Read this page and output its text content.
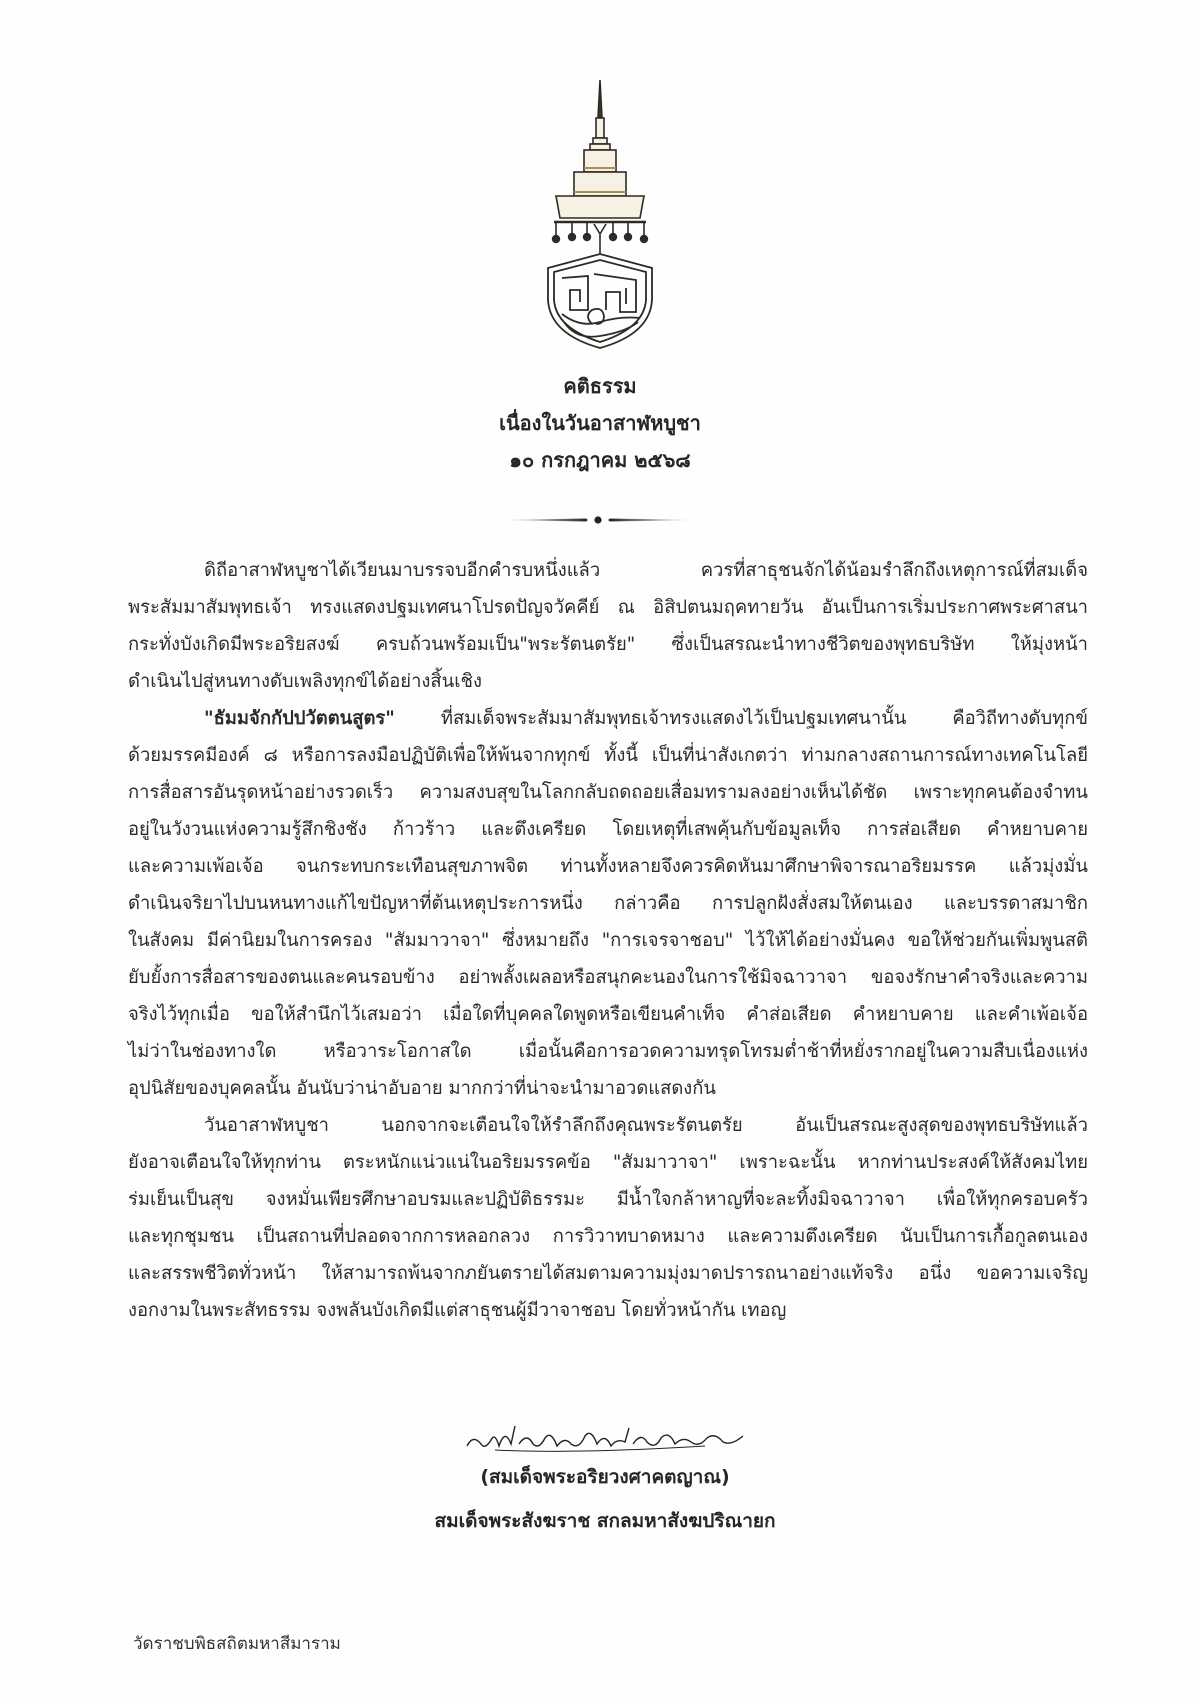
คติธรรม
เนื่องในวันอาสาฬหบูชา
๑๐ กรกฎาคม ๒๕๖๘

ดิถีอาสาฬหบูชาได้เวียนมาบรรจบอีกคำรบหนึ่งแล้ว ควรที่สาธุชนจักได้น้อมรำลึกถึงเหตุการณ์ที่สมเด็จ
พระสัมมาสัมพุทธเจ้า ทรงแสดงปฐมเทศนาโปรดปัญจวัคคีย์ ณ อิสิปตนมฤคทายวัน อันเป็นการเริ่มประกาศพระศาสนา
กระทั่งบังเกิดมีพระอริยสงฆ์ ครบถ้วนพร้อมเป็น"พระรัตนตรัย" ซึ่งเป็นสรณะนำทางชีวิตของพุทธบริษัท ให้มุ่งหน้า
ดำเนินไปสู่หนทางดับเพลิงทุกข์ได้อย่างสิ้นเชิง

"ธัมมจักกัปปวัตตนสูตร" ที่สมเด็จพระสัมมาสัมพุทธเจ้าทรงแสดงไว้เป็นปฐมเทศนานั้น คือวิถีทางดับทุกข์
ด้วยมรรคมีองค์ ๘ หรือการลงมือปฏิบัติเพื่อให้พ้นจากทุกข์ ทั้งนี้ เป็นที่น่าสังเกตว่า ท่ามกลางสถานการณ์ทางเทคโนโลยี
การสื่อสารอันรุดหน้าอย่างรวดเร็ว ความสงบสุขในโลกกลับถดถอยเสื่อมทรามลงอย่างเห็นได้ชัด เพราะทุกคนต้องจำทน
อยู่ในวังวนแห่งความรู้สึกชิงชัง ก้าวร้าว และตึงเครียด โดยเหตุที่เสพคุ้นกับข้อมูลเท็จ การส่อเสียด คำหยาบคาย
และความเพ้อเจ้อ จนกระทบกระเทือนสุขภาพจิต ท่านทั้งหลายจึงควรคิดหันมาศึกษาพิจารณาอริยมรรค แล้วมุ่งมั่น
ดำเนินจริยาไปบนหนทางแก้ไขปัญหาที่ต้นเหตุประการหนึ่ง กล่าวคือ การปลูกฝังสั่งสมให้ตนเอง และบรรดาสมาชิก
ในสังคม มีค่านิยมในการครอง "สัมมาวาจา" ซึ่งหมายถึง "การเจรจาชอบ" ไว้ให้ได้อย่างมั่นคง ขอให้ช่วยกันเพิ่มพูนสติ
ยับยั้งการสื่อสารของตนและคนรอบข้าง อย่าพลั้งเผลอหรือสนุกคะนองในการใช้มิจฉาวาจา ขอจงรักษาคำจริงและความ
จริงไว้ทุกเมื่อ ขอให้สำนึกไว้เสมอว่า เมื่อใดที่บุคคลใดพูดหรือเขียนคำเท็จ คำส่อเสียด คำหยาบคาย และคำเพ้อเจ้อ
ไม่ว่าในช่องทางใด หรือวาระโอกาสใด เมื่อนั้นคือการอวดความทรุดโทรมต่ำช้าที่หยั่งรากอยู่ในความสืบเนื่องแห่ง
อุปนิสัยของบุคคลนั้น อันนับว่าน่าอับอาย มากกว่าที่น่าจะนำมาอวดแสดงกัน

วันอาสาฬหบูชา นอกจากจะเตือนใจให้รำลึกถึงคุณพระรัตนตรัย อันเป็นสรณะสูงสุดของพุทธบริษัทแล้ว
ยังอาจเตือนใจให้ทุกท่าน ตระหนักแน่วแน่ในอริยมรรคข้อ "สัมมาวาจา" เพราะฉะนั้น หากท่านประสงค์ให้สังคมไทย
ร่มเย็นเป็นสุข จงหมั่นเพียรศึกษาอบรมและปฏิบัติธรรมะ มีน้ำใจกล้าหาญที่จะละทิ้งมิจฉาวาจา เพื่อให้ทุกครอบครัว
และทุกชุมชน เป็นสถานที่ปลอดจากการหลอกลวง การวิวาทบาดหมาง และความตึงเครียด นับเป็นการเกื้อกูลตนเอง
และสรรพชีวิตทั่วหน้า ให้สามารถพ้นจากภยันตรายได้สมตามความมุ่งมาดปรารถนาอย่างแท้จริง อนึ่ง ขอความเจริญ
งอกงามในพระสัทธรรม จงพลันบังเกิดมีแต่สาธุชนผู้มีวาจาชอบ โดยทั่วหน้ากัน เทอญ

(สมเด็จพระอริยวงศาคตญาณ)
สมเด็จพระสังฆราช สกลมหาสังฆปริณายก
วัดราชบพิธสถิตมหาสีมาราม
